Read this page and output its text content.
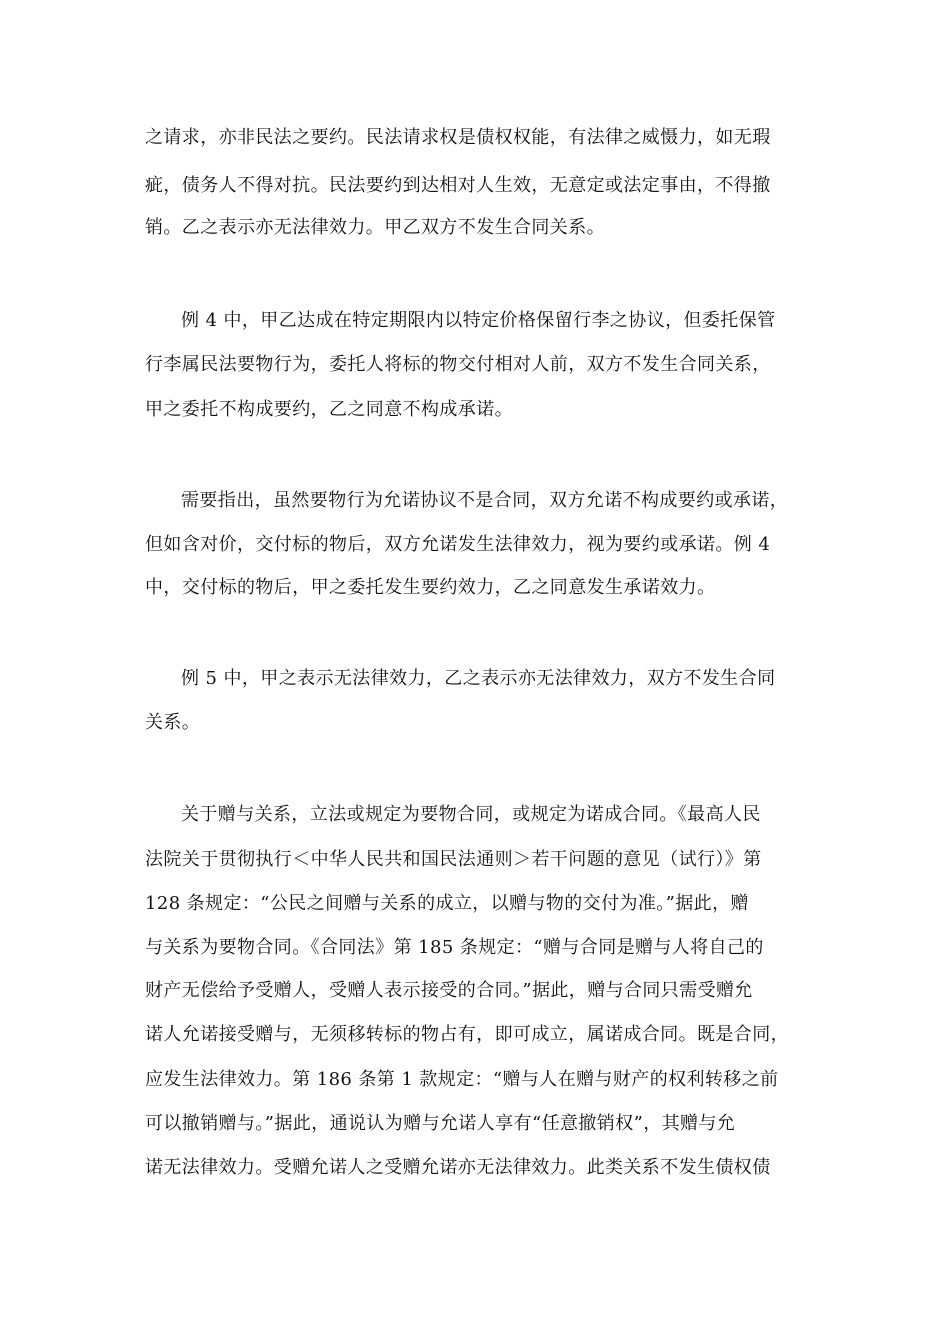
之请求，亦非民法之要约。民法请求权是债权权能，有法律之威慑力，如无瑕
疵，债务人不得对抗。民法要约到达相对人生效，无意定或法定事由，不得撤
销。乙之表示亦无法律效力。甲乙双方不发生合同关系。
例 4 中，甲乙达成在特定期限内以特定价格保留行李之协议，但委托保管
行李属民法要物行为，委托人将标的物交付相对人前，双方不发生合同关系，
甲之委托不构成要约，乙之同意不构成承诺。
需要指出，虽然要物行为允诺协议不是合同，双方允诺不构成要约或承诺，
但如含对价，交付标的物后，双方允诺发生法律效力，视为要约或承诺。例 4
中，交付标的物后，甲之委托发生要约效力，乙之同意发生承诺效力。
例 5 中，甲之表示无法律效力，乙之表示亦无法律效力，双方不发生合同
关系。
关于赠与关系，立法或规定为要物合同，或规定为诺成合同。《最高人民
法院关于贯彻执行＜中华人民共和国民法通则＞若干问题的意见（试行）》第
128 条规定：“公民之间赠与关系的成立，以赠与物的交付为准。”据此，赠
与关系为要物合同。《合同法》第 185 条规定：“赠与合同是赠与人将自己的
财产无偿给予受赠人，受赠人表示接受的合同。”据此，赠与合同只需受赠允
诺人允诺接受赠与，无须移转标的物占有，即可成立，属诺成合同。既是合同，
应发生法律效力。第 186 条第 1 款规定：“赠与人在赠与财产的权利转移之前
可以撤销赠与。”据此，通说认为赠与允诺人享有“任意撤销权”，其赠与允
诺无法律效力。受赠允诺人之受赠允诺亦无法律效力。此类关系不发生债权债
